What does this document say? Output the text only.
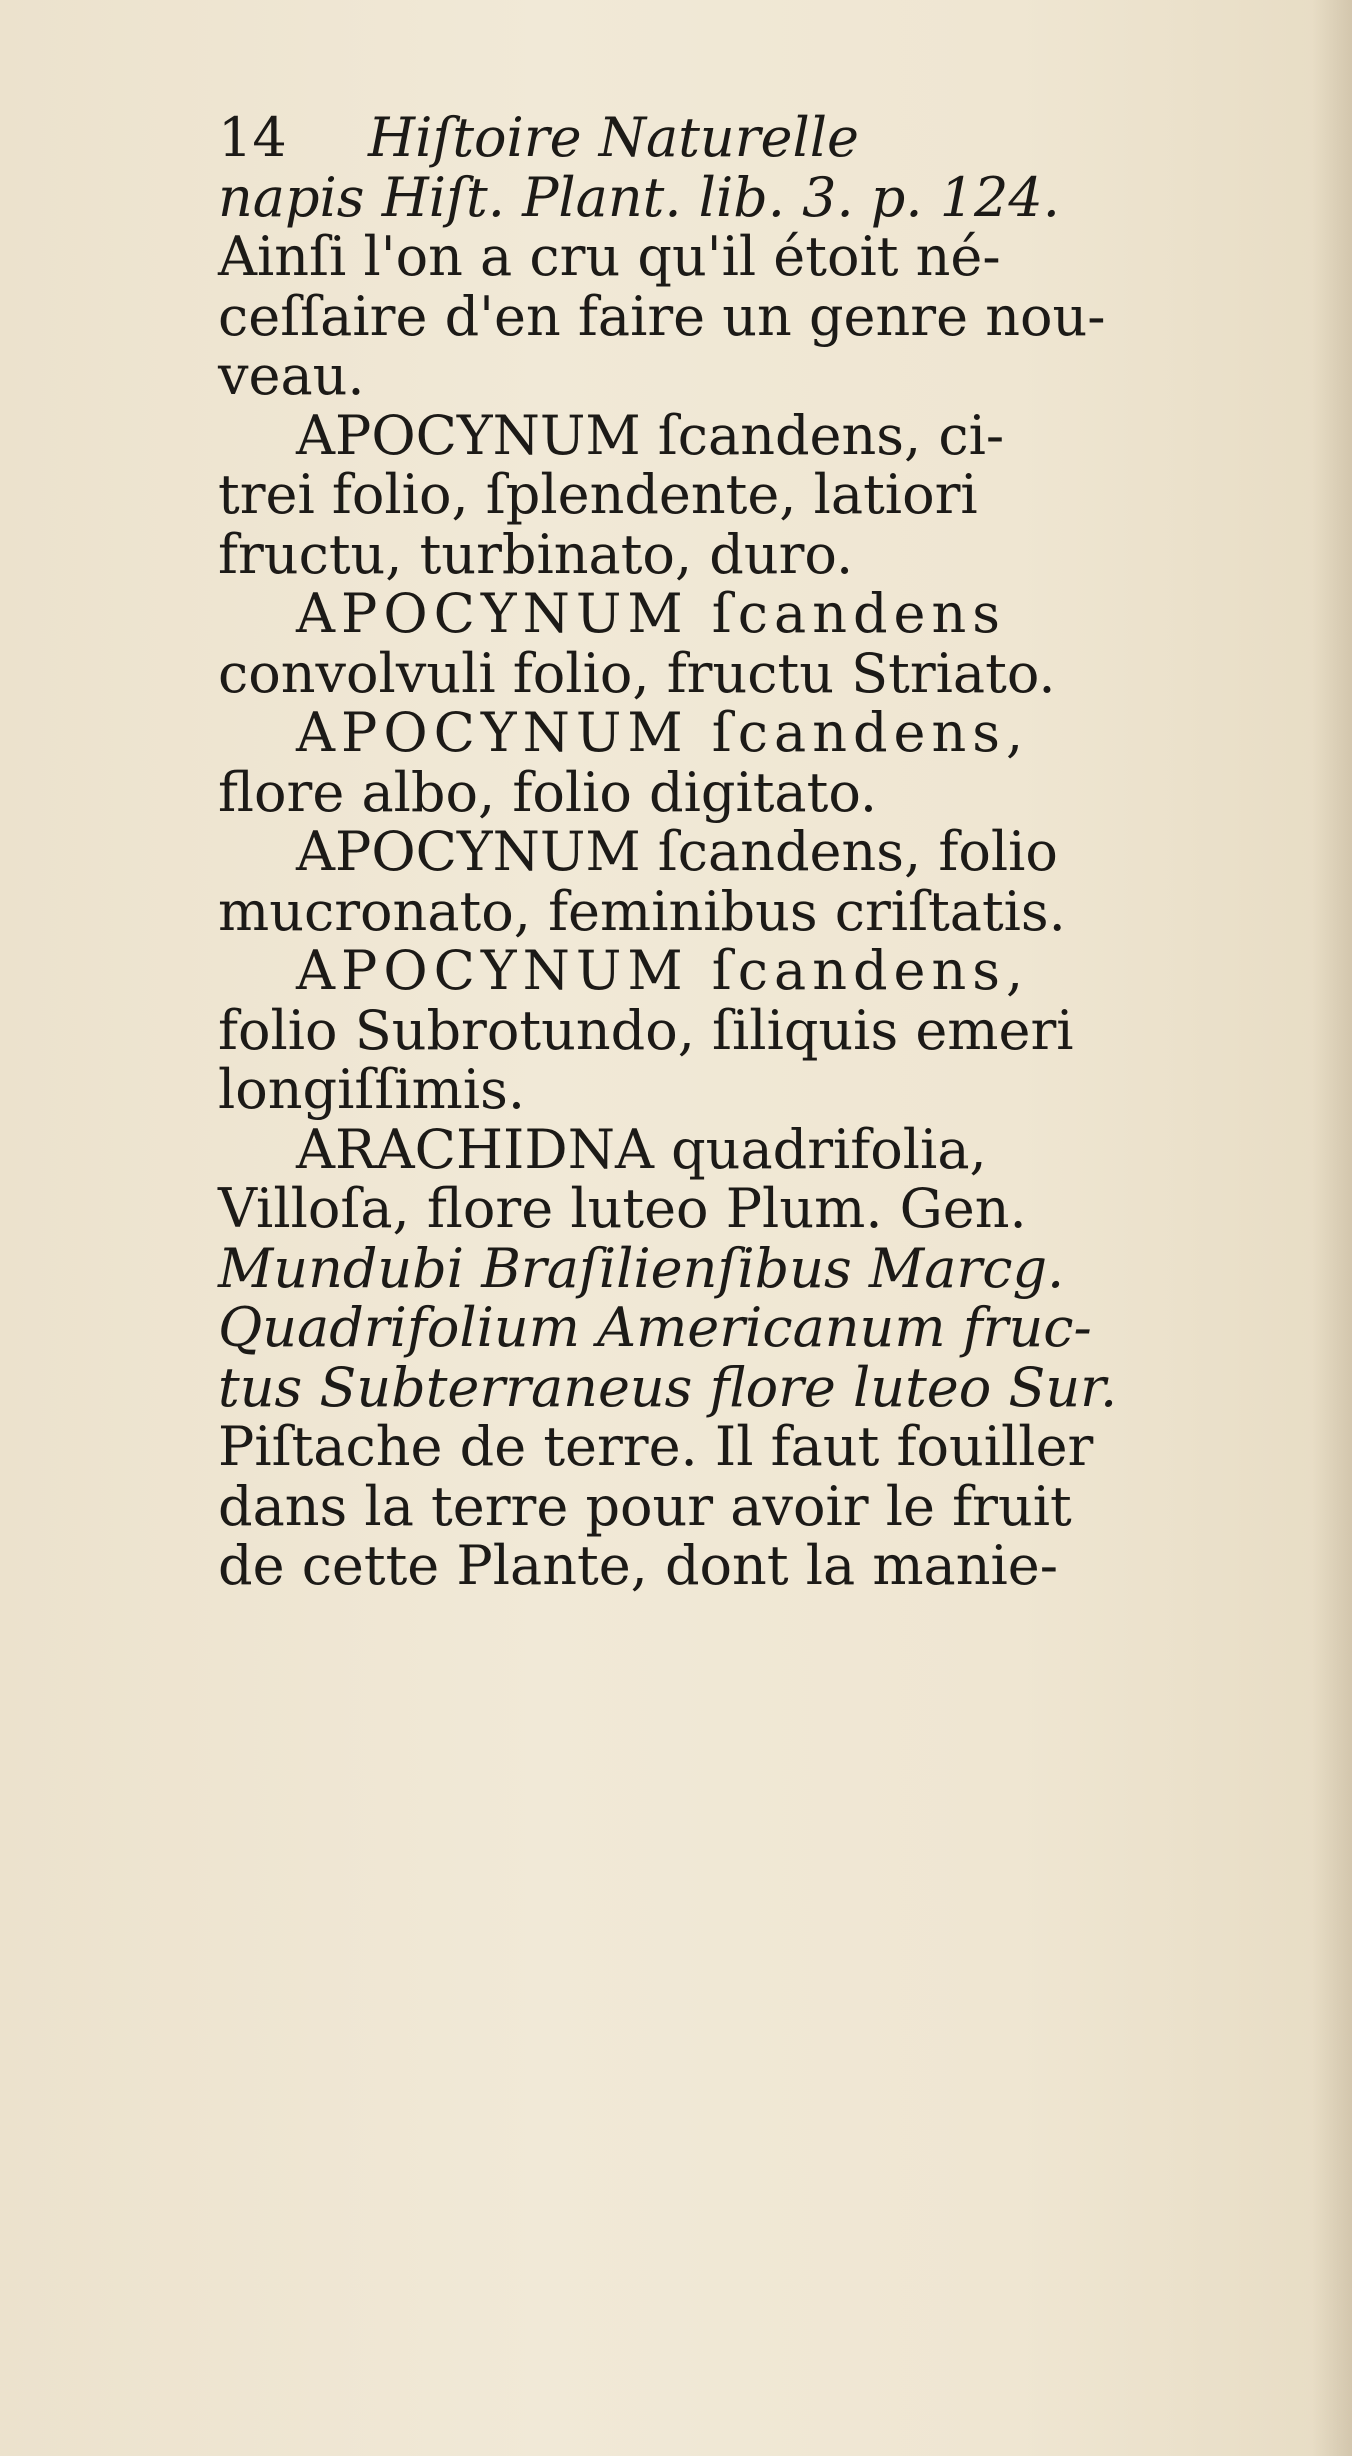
14 Hiſtoire Naturelle
napis Hiſt. Plant. lib. 3. p. 124.
Ainſi l'on a cru qu'il étoit né-
ceſſaire d'en faire un genre nou-
veau.
APOCYNUM ſcandens, ci-
trei folio, ſplendente, latiori
fructu, turbinato, duro.
APOCYNUM ſcandens
convolvuli folio, fructu Striato.
APOCYNUM ſcandens,
flore albo, folio digitato.
APOCYNUM ſcandens, folio
mucronato, feminibus criſtatis.
APOCYNUM ſcandens,
folio Subrotundo, ſiliquis emeri
longiſſimis.
ARACHIDNA quadrifolia,
Villoſa, flore luteo Plum. Gen.
Mundubi Braſilienſibus Marcg.
Quadrifolium Americanum fruc-
tus Subterraneus flore luteo Sur.
Piſtache de terre. Il faut fouiller
dans la terre pour avoir le fruit
de cette Plante, dont la manie-
